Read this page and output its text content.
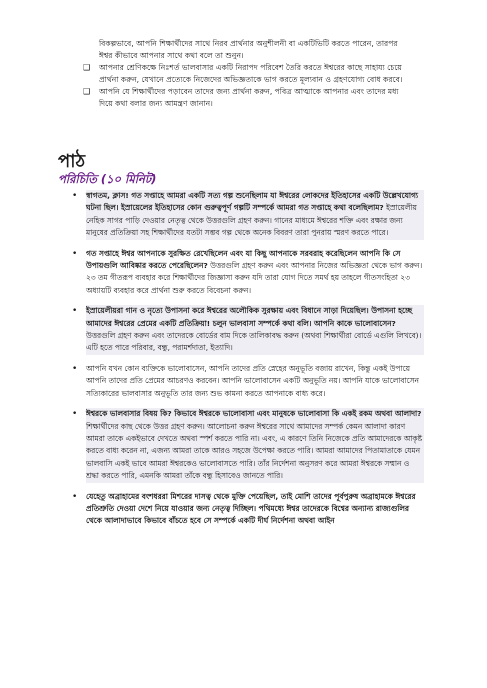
বিকল্পভাবে, আপনি শিক্ষার্থীদের সাথে নিরব প্রার্থনার অনুশীলনী বা একটিভিটি করতে পারেন, তারপর ঈশ্বর কীভাবে আপনার সাথে কথা বলে তা শুনুন।

❑	আপনার শ্রেণিকক্ষে নিঃশর্ত ভালবাসার একটি নিরাপদ পরিবেশ তৈরি করতে ঈশ্বরের কাছে সাহায্য চেয়ে প্রার্থনা করুন, যেখানে প্রত্যেকে নিজেদের অভিজ্ঞতাকে ভাগ করতে মূল্যবান ও গ্রহণযোগ্য বোধ করবে।
❑	আপনি যে শিক্ষার্থীদের পড়াবেন তাদের জন্য প্রার্থনা করুন, পবিত্র আত্মাকে আপনার এবং তাদের মধ্য দিয়ে কথা বলার জন্য আমন্ত্রণ জানান।
পাঠ
পরিচিতি (১০ মিনিট)
•	স্বাগতম, ক্লাস! গত সপ্তাহে আমরা একটি সত্য গল্প শুনেছিলাম যা ঈশ্বরের লোকদের ইতিহাসের একটি উল্লেখযোগ্য ঘটনা ছিল। ইস্রায়েলের ইতিহাসের কোন গুরুত্বপূর্ণ গল্পটি সম্পর্কে আমরা গত সপ্তাহে কথা বলেছিলাম? ইস্রায়েলীয় নেহিক সাগর পাড়ি দেওয়ার নেতৃত্ব থেকে উত্তরগুলি গ্রহণ করুন। গানের মাধ্যমে ঈশ্বরের শক্তি এবং রক্ষার জন্য মানুষের প্রতিক্রিয়া সহ শিক্ষার্থীদের যতটা সম্ভব গল্প থেকে অনেক বিবরণ তারা পুনরায় স্মরণ করতে পারে।
•	গত সপ্তাহে ঈশ্বর আপনাকে সুরক্ষিত রেখেছিলেন এবং যা কিছু আপনাকে সরবরাহ করেছিলেন আপনি কি সে উপায়গুলি আবিষ্কার করতে পেরেছিলেন? উত্তরগুলি গ্রহণ করুন এবং আপনার নিজের অভিজ্ঞতা থেকে ভাগ করুন। ২৩ তম গীতরূপ ব্যবহার করে শিক্ষার্থীদের জিজ্ঞাসা করুন যদি তারা যোগ দিতে সমর্থ হয় তাহলে গীতসংহিতা ২৩ অধ্যায়টি ব্যবহার করে প্রার্থনা শুরু করতে বিবেচনা করুন।
•	ইস্রায়েলীয়রা গান ও নৃত্যে উপাসনা করে ঈশ্বরের অলৌকিক সুরক্ষায় এবং বিধানে সাড়া দিয়েছিল। উপাসনা হচ্ছে আমাদের ঈশ্বরের প্রেমের একটি প্রতিক্রিয়া! চলুন ভালবাসা সম্পর্কে কথা বলি। আপনি কাকে ভালোবাসেন? উত্তরগুলি গ্রহণ করুন এবং তাদেরকে বোর্ডের বাম দিকে তালিকাবদ্ধ করুন (অথবা শিক্ষার্থীরা বোর্ডে এগুলি লিখবে)। এটি হতে পারে পরিবার, বন্ধু, পরামর্শদাতা, ইত্যাদি।
•	আপনি যখন কোন ব্যক্তিকে ভালোবাসেন, আপনি তাদের প্রতি স্নেহের অনুভূতি বজায় রাখেন, কিন্তু একই উপায়ে আপনি তাদের প্রতি প্রেমের আচরণও করবেন। আপনি ভালোবাসেন একটি অনুভূতি নয়। আপনি যাকে ভালোবাসেন সত্যিকারের ভালবাসার অনুভূতি তার জন্য শুভ কামনা করতে আপনাকে বাধ্য করে।
•	ঈশ্বরকে ভালবাসার বিষয় কি? কিভাবে ঈশ্বরকে ভালোবাসা এবং মানুষকে ভালোবাসা কি একই রকম অথবা আলাদা? শিক্ষার্থীদের কাছ থেকে উত্তর গ্রহণ করুন। আলোচনা করুন ঈশ্বরের সাথে আমাদের সম্পর্ক কেমন আলাদা কারণ আমরা তাকে একইভাবে দেখতে অথবা স্পর্শ করতে পারি না। এবং, এ কারণে তিনি নিজেকে প্রতি আমাদেরকে আকৃষ্ট করতে বাধ্য করেন না, এজন্য আমরা তাকে আরও সহজে উপেক্ষা করতে পারি। আমরা আমাদের পিতামাতাকে যেমন ভালবাসি একই ভাবে আমরা ঈশ্বরকেও ভালোবাসতে পারি। তাঁর নির্দেশনা অনুসরণ করে আমরা ঈশ্বরকে সম্মান ও শ্রদ্ধা করতে পারি, এমনকি আমরা তাঁকে বন্ধু হিসাবেও জানতে পারি।
•	যেহেতু অব্রাহামের বংশধররা মিশরের দাসত্ব থেকে মুক্তি পেয়েছিল, তাই মোশি তাদের পূর্বপুরুষ অব্রাহামকে ঈশ্বরের প্রতিশ্রুতি দেওয়া দেশে নিয়ে যাওয়ার জন্য নেতৃত্ব দিচ্ছিল। পথিমধ্যে ঈশ্বর তাদেরকে বিশ্বের অন্যান্য রাজ্যগুলির থেকে আলাদাভাবে কিভাবে বাঁচতে হবে সে সম্পর্কে একটি দীর্ঘ নির্দেশনা অথবা আইন
